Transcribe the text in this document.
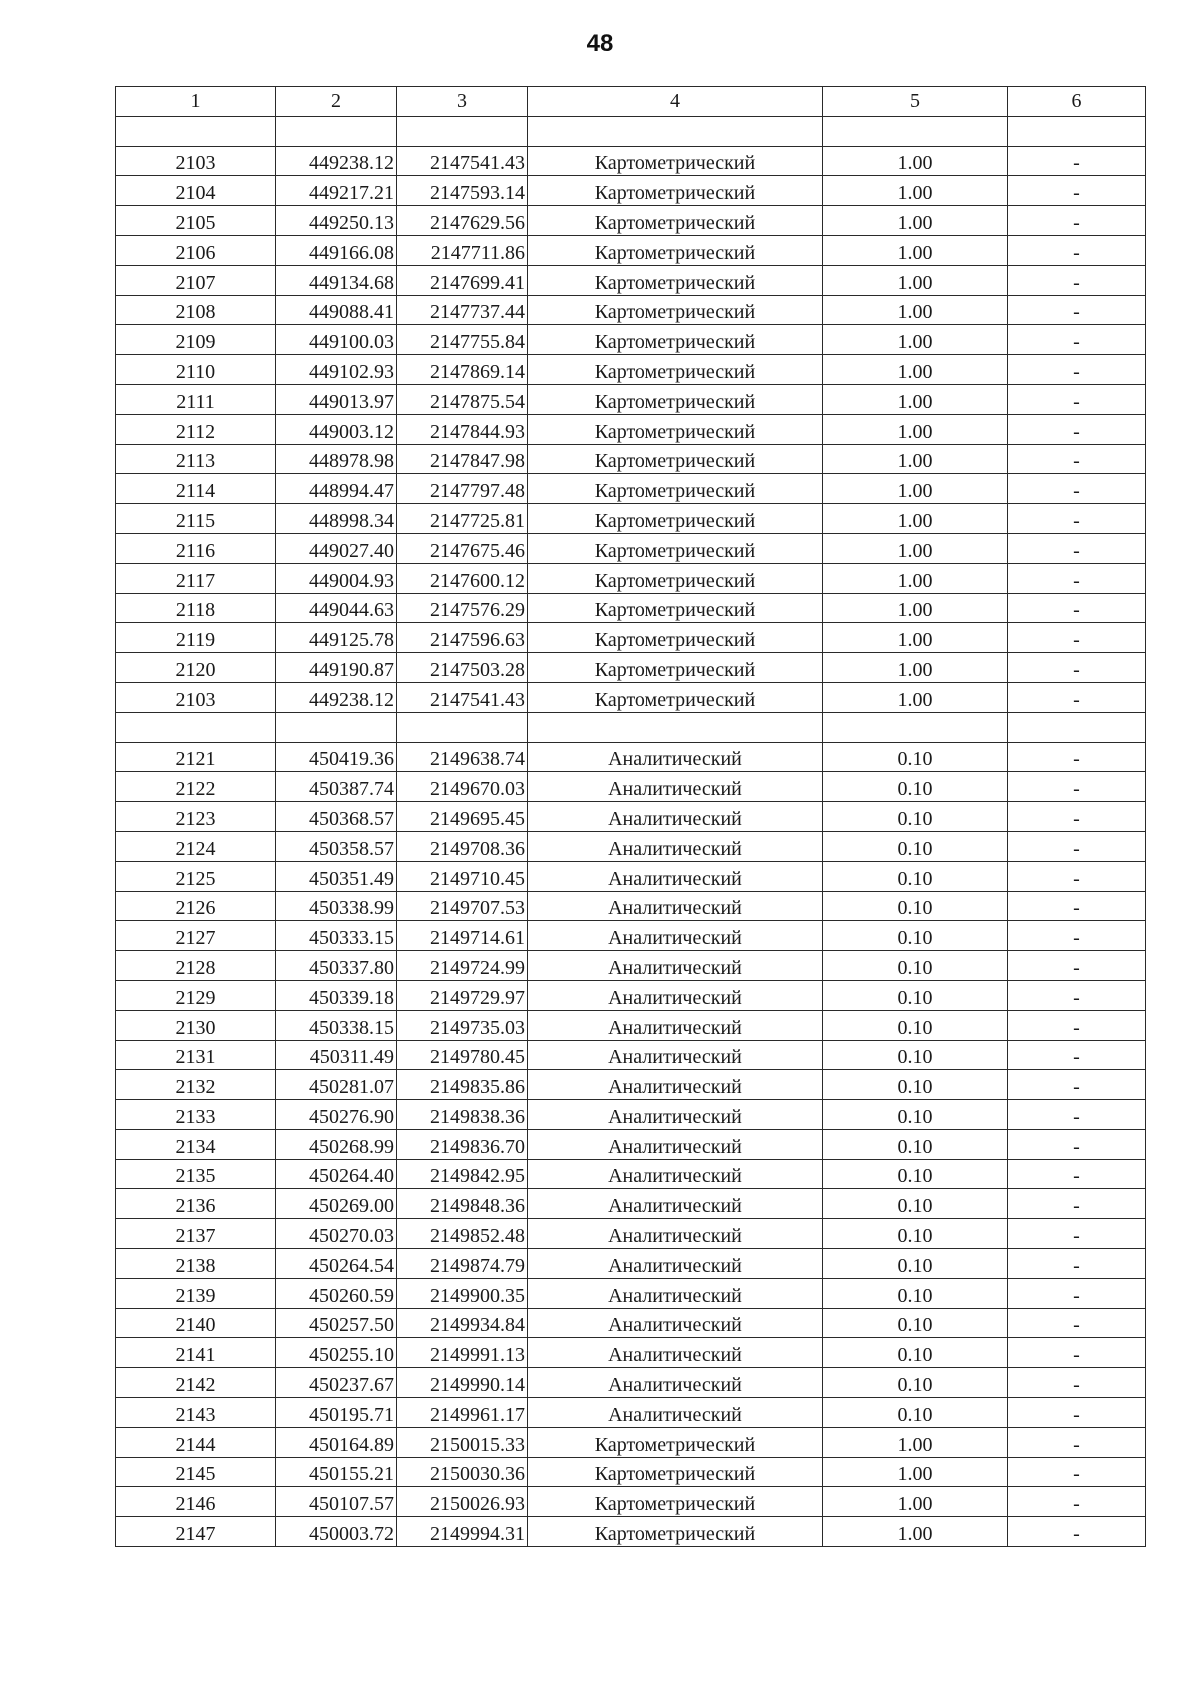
48
1	2	3	4	5	6

2103	449238.12	2147541.43	Картометрический	1.00	-
2104	449217.21	2147593.14	Картометрический	1.00	-
2105	449250.13	2147629.56	Картометрический	1.00	-
2106	449166.08	2147711.86	Картометрический	1.00	-
2107	449134.68	2147699.41	Картометрический	1.00	-
2108	449088.41	2147737.44	Картометрический	1.00	-
2109	449100.03	2147755.84	Картометрический	1.00	-
2110	449102.93	2147869.14	Картометрический	1.00	-
2111	449013.97	2147875.54	Картометрический	1.00	-
2112	449003.12	2147844.93	Картометрический	1.00	-
2113	448978.98	2147847.98	Картометрический	1.00	-
2114	448994.47	2147797.48	Картометрический	1.00	-
2115	448998.34	2147725.81	Картометрический	1.00	-
2116	449027.40	2147675.46	Картометрический	1.00	-
2117	449004.93	2147600.12	Картометрический	1.00	-
2118	449044.63	2147576.29	Картометрический	1.00	-
2119	449125.78	2147596.63	Картометрический	1.00	-
2120	449190.87	2147503.28	Картометрический	1.00	-
2103	449238.12	2147541.43	Картометрический	1.00	-

2121	450419.36	2149638.74	Аналитический	0.10	-
2122	450387.74	2149670.03	Аналитический	0.10	-
2123	450368.57	2149695.45	Аналитический	0.10	-
2124	450358.57	2149708.36	Аналитический	0.10	-
2125	450351.49	2149710.45	Аналитический	0.10	-
2126	450338.99	2149707.53	Аналитический	0.10	-
2127	450333.15	2149714.61	Аналитический	0.10	-
2128	450337.80	2149724.99	Аналитический	0.10	-
2129	450339.18	2149729.97	Аналитический	0.10	-
2130	450338.15	2149735.03	Аналитический	0.10	-
2131	450311.49	2149780.45	Аналитический	0.10	-
2132	450281.07	2149835.86	Аналитический	0.10	-
2133	450276.90	2149838.36	Аналитический	0.10	-
2134	450268.99	2149836.70	Аналитический	0.10	-
2135	450264.40	2149842.95	Аналитический	0.10	-
2136	450269.00	2149848.36	Аналитический	0.10	-
2137	450270.03	2149852.48	Аналитический	0.10	-
2138	450264.54	2149874.79	Аналитический	0.10	-
2139	450260.59	2149900.35	Аналитический	0.10	-
2140	450257.50	2149934.84	Аналитический	0.10	-
2141	450255.10	2149991.13	Аналитический	0.10	-
2142	450237.67	2149990.14	Аналитический	0.10	-
2143	450195.71	2149961.17	Аналитический	0.10	-
2144	450164.89	2150015.33	Картометрический	1.00	-
2145	450155.21	2150030.36	Картометрический	1.00	-
2146	450107.57	2150026.93	Картометрический	1.00	-
2147	450003.72	2149994.31	Картометрический	1.00	-
